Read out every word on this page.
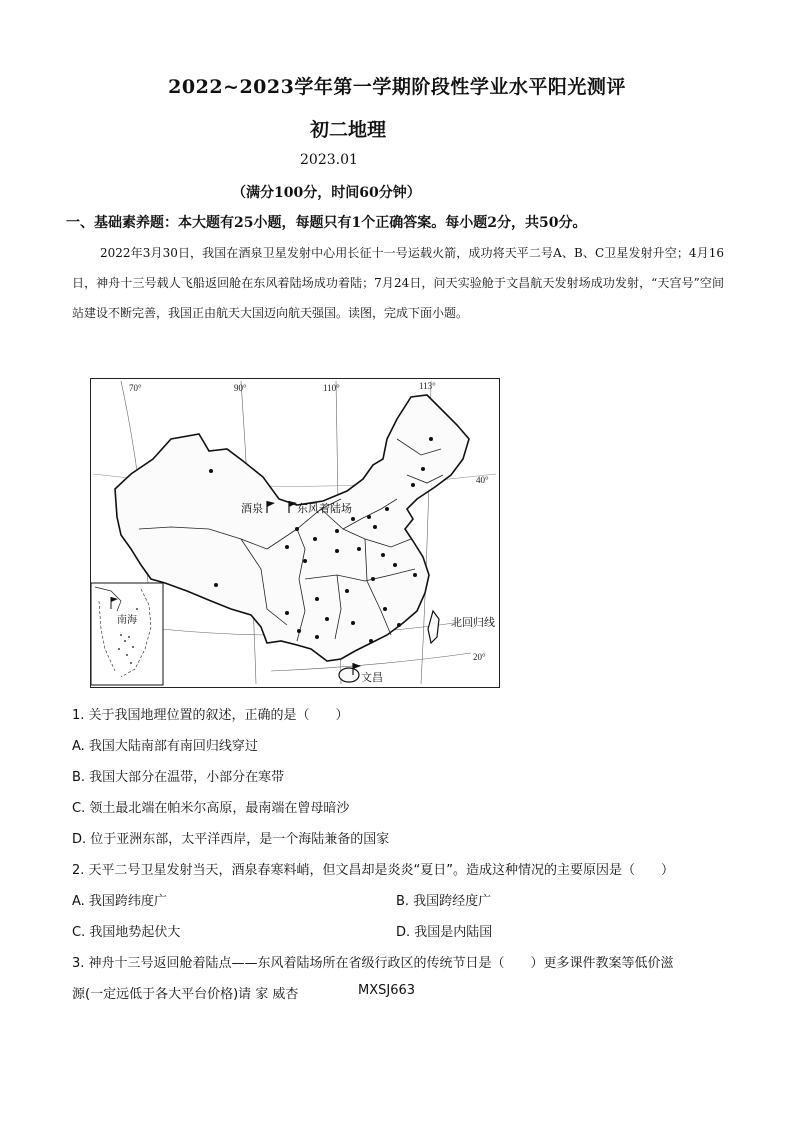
2022~2023学年第一学期阶段性学业水平阳光测评
初二地理
2023.01
（满分100分，时间60分钟）
一、基础素养题：本大题有25小题，每题只有1个正确答案。每小题2分，共50分。

2022年3月30日，我国在酒泉卫星发射中心用长征十一号运载火箭，成功将天平二号A、B、C卫星发射升空；4月16日，神舟十三号载人飞船返回舱在东风着陆场成功着陆；7月24日，问天实验舱于文昌航天发射场成功发射，“天宫号”空间站建设不断完善，我国正由航天大国迈向航天强国。读图，完成下面小题。

70°	90°	110°	113°
40°
20°
酒泉	东风着陆场
文昌
北回归线
南海
1. 关于我国地理位置的叙述，正确的是（　　）
A. 我国大陆南部有南回归线穿过
B. 我国大部分在温带，小部分在寒带
C. 领土最北端在帕米尔高原，最南端在曾母暗沙
D. 位于亚洲东部，太平洋西岸，是一个海陆兼备的国家
2. 天平二号卫星发射当天，酒泉春寒料峭，但文昌却是炎炎“夏日”。造成这种情况的主要原因是（　　）
A. 我国跨纬度广	B. 我国跨经度广
C. 我国地势起伏大	D. 我国是内陆国
3. 神舟十三号返回舱着陆点——东风着陆场所在省级行政区的传统节日是（　　）更多课件教案等低价滋
源(一定远低于各大平台价格)请 家 威杏	MXSJ663
